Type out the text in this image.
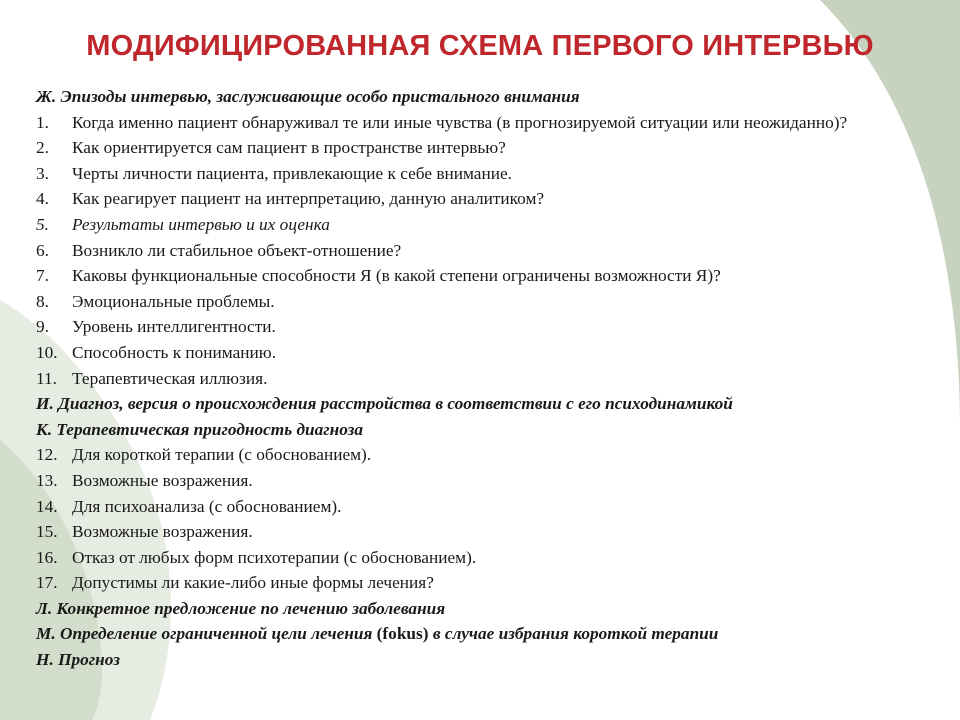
МОДИФИЦИРОВАННАЯ СХЕМА ПЕРВОГО ИНТЕРВЬЮ
Ж. Эпизоды интервью, заслуживающие особо пристального внимания
1.	Когда именно пациент обнаруживал те или иные чувства (в прогнозируемой ситуации или неожиданно)?
2.	Как ориентируется сам пациент в пространстве интервью?
3.	Черты личности пациента, привлекающие к себе внимание.
4.	Как реагирует пациент на интерпретацию, данную аналитиком?
5.	Результаты интервью и их оценка
6.	Возникло ли стабильное объект-отношение?
7.	Каковы функциональные способности Я (в какой степени ограничены возможности Я)?
8.	Эмоциональные проблемы.
9.	Уровень интеллигентности.
10. Способность к пониманию.
11. Терапевтическая иллюзия.
И. Диагноз, версия о происхождения расстройства в соответствии с его психодинамикой
К. Терапевтическая пригодность диагноза
12. Для короткой терапии (с обоснованием).
13. Возможные возражения.
14. Для психоанализа (с обоснованием).
15. Возможные возражения.
16. Отказ от любых форм психотерапии (с обоснованием).
17. Допустимы ли какие-либо иные формы лечения?
Л. Конкретное предложение по лечению заболевания
М. Определение ограниченной цели лечения (fokus) в случае избрания короткой терапии
Н. Прогноз
